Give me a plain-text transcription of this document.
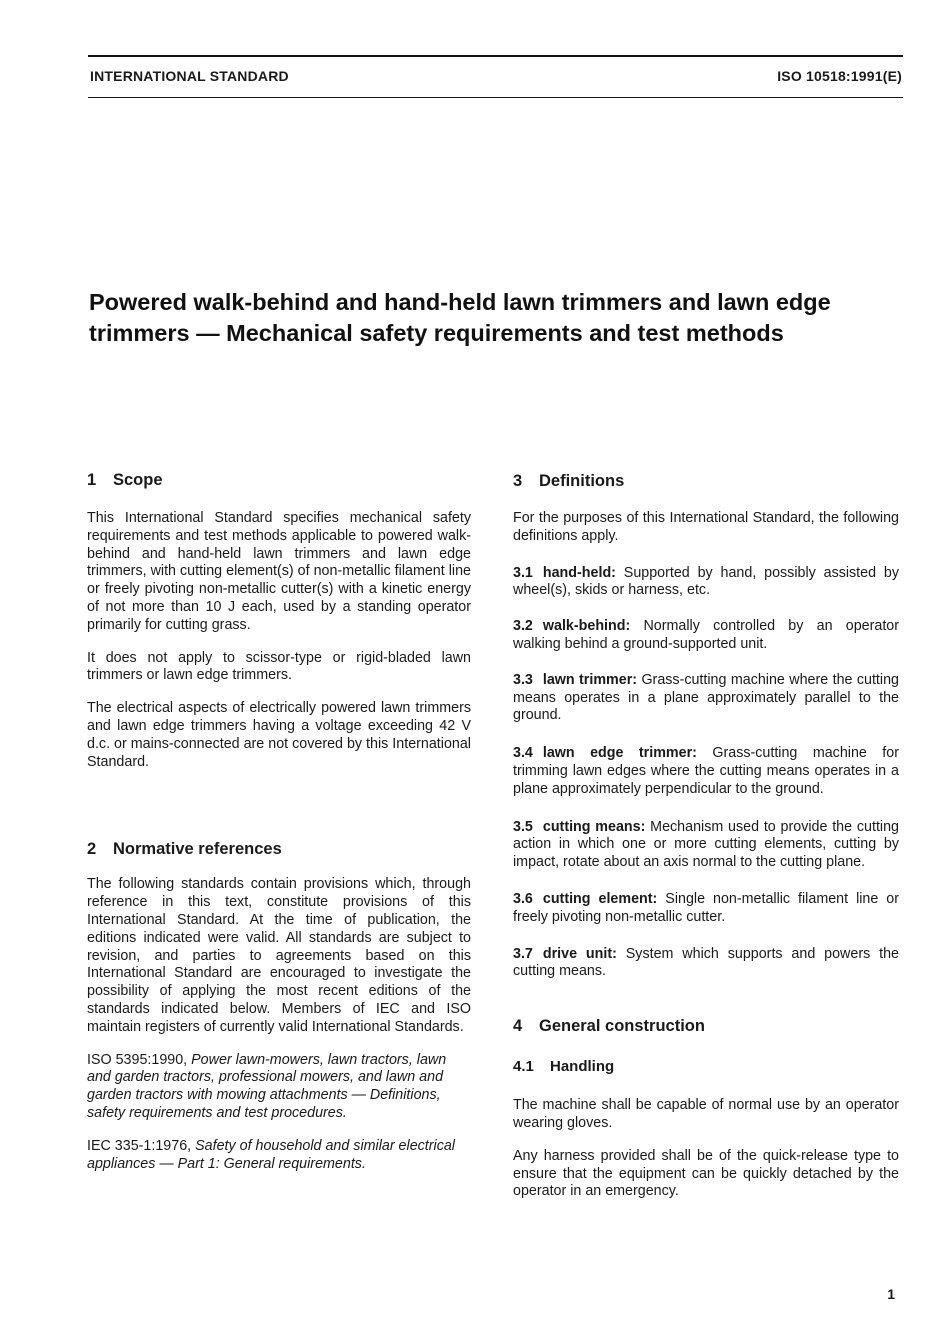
INTERNATIONAL STANDARD	ISO 10518:1991(E)
Powered walk-behind and hand-held lawn trimmers and lawn edge trimmers — Mechanical safety requirements and test methods
1 Scope

This International Standard specifies mechanical safety requirements and test methods applicable to powered walk-behind and hand-held lawn trimmers and lawn edge trimmers, with cutting element(s) of non-metallic filament line or freely pivoting non-metallic cutter(s) with a kinetic energy of not more than 10 J each, used by a standing operator primarily for cutting grass.

It does not apply to scissor-type or rigid-bladed lawn trimmers or lawn edge trimmers.

The electrical aspects of electrically powered lawn trimmers and lawn edge trimmers having a voltage exceeding 42 V d.c. or mains-connected are not covered by this International Standard.

2 Normative references

The following standards contain provisions which, through reference in this text, constitute provisions of this International Standard. At the time of publication, the editions indicated were valid. All standards are subject to revision, and parties to agreements based on this International Standard are encouraged to investigate the possibility of applying the most recent editions of the standards indicated below. Members of IEC and ISO maintain registers of currently valid International Standards.

ISO 5395:1990, Power lawn-mowers, lawn tractors, lawn and garden tractors, professional mowers, and lawn and garden tractors with mowing attachments — Definitions, safety requirements and test procedures.

IEC 335-1:1976, Safety of household and similar electrical appliances — Part 1: General requirements.

3 Definitions

For the purposes of this International Standard, the following definitions apply.

3.1 hand-held: Supported by hand, possibly assisted by wheel(s), skids or harness, etc.

3.2 walk-behind: Normally controlled by an operator walking behind a ground-supported unit.

3.3 lawn trimmer: Grass-cutting machine where the cutting means operates in a plane approximately parallel to the ground.

3.4 lawn edge trimmer: Grass-cutting machine for trimming lawn edges where the cutting means operates in a plane approximately perpendicular to the ground.

3.5 cutting means: Mechanism used to provide the cutting action in which one or more cutting elements, cutting by impact, rotate about an axis normal to the cutting plane.

3.6 cutting element: Single non-metallic filament line or freely pivoting non-metallic cutter.

3.7 drive unit: System which supports and powers the cutting means.

4 General construction
4.1 Handling

The machine shall be capable of normal use by an operator wearing gloves.

Any harness provided shall be of the quick-release type to ensure that the equipment can be quickly detached by the operator in an emergency.

1
